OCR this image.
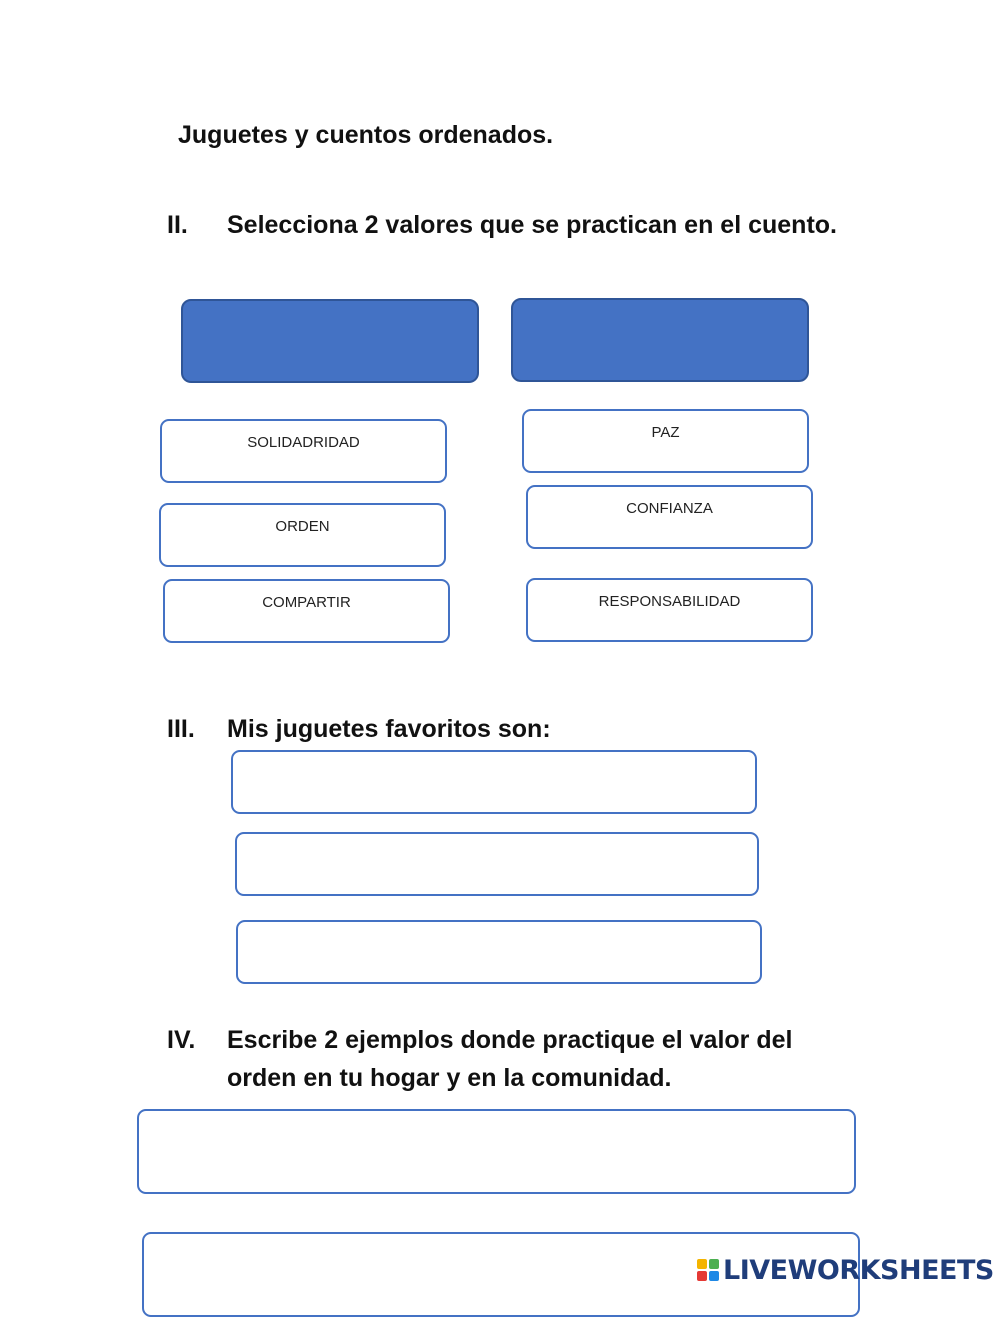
Juguetes y cuentos ordenados.
II. Selecciona 2 valores que se practican en el cuento.
SOLIDADRIDAD
PAZ
ORDEN
CONFIANZA
COMPARTIR	RESPONSABILIDAD
III. Mis juguetes favoritos son:
IV. Escribe 2 ejemplos donde practique el valor del
orden en tu hogar y en la comunidad.
LIVEWORKSHEETS
